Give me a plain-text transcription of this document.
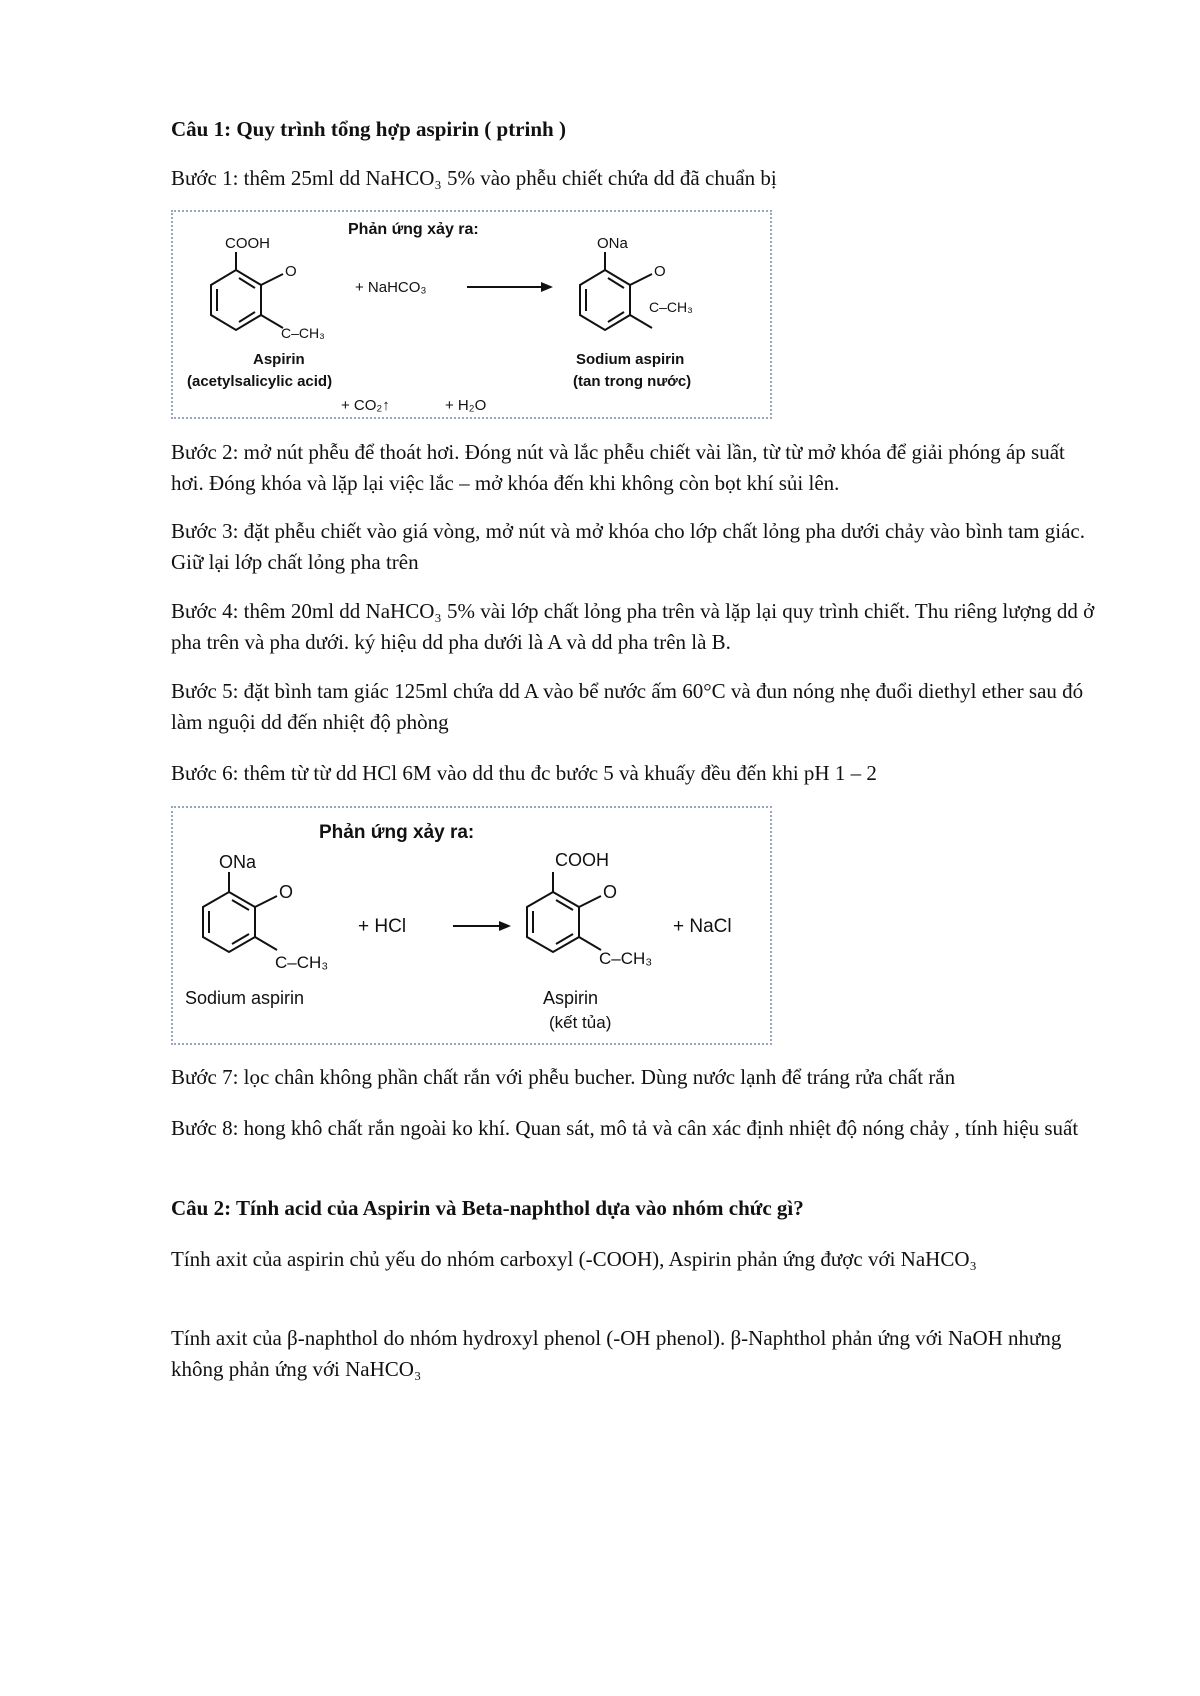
Câu 1: Quy trình tổng hợp aspirin ( ptrinh )

Bước 1: thêm 25ml dd NaHCO₃ 5% vào phễu chiết chứa dd đã chuẩn bị

Phản ứng xảy ra:
COOH
O
C–CH₃
+ NaHCO₃
ONa
O
C–CH₃
Aspirin
(acetylsalicylic acid)
Sodium aspirin
(tan trong nước)
+ CO₂↑	+ H₂O

Bước 2: mở nút phễu để thoát hơi. Đóng nút và lắc phễu chiết vài lần, từ từ mở khóa để giải phóng áp suất hơi. Đóng khóa và lặp lại việc lắc – mở khóa đến khi không còn bọt khí sủi lên.

Bước 3: đặt phễu chiết vào giá vòng, mở nút và mở khóa cho lớp chất lỏng pha dưới chảy vào bình tam giác. Giữ lại lớp chất lỏng pha trên

Bước 4: thêm 20ml dd NaHCO₃ 5% vài lớp chất lỏng pha trên và lặp lại quy trình chiết. Thu riêng lượng dd ở pha trên và pha dưới. ký hiệu dd pha dưới là A và dd pha trên là B.

Bước 5: đặt bình tam giác 125ml chứa dd A vào bể nước ấm 60°C và đun nóng nhẹ đuổi diethyl ether sau đó làm nguội dd đến nhiệt độ phòng

Bước 6: thêm từ từ dd HCl 6M vào dd thu đc bước 5 và khuấy đều đến khi pH 1 – 2

Phản ứng xảy ra:
ONa
O
C–CH₃
+ HCl
COOH
O
C–CH₃
+ NaCl
Sodium aspirin	Aspirin
(kết tủa)

Bước 7: lọc chân không phần chất rắn với phễu bucher. Dùng nước lạnh để tráng rửa chất rắn

Bước 8: hong khô chất rắn ngoài ko khí. Quan sát, mô tả và cân xác định nhiệt độ nóng chảy , tính hiệu suất

Câu 2: Tính acid của Aspirin và Beta-naphthol dựa vào nhóm chức gì?

Tính axit của aspirin chủ yếu do nhóm carboxyl (-COOH), Aspirin phản ứng được với NaHCO₃

Tính axit của β-naphthol do nhóm hydroxyl phenol (-OH phenol). β-Naphthol phản ứng với NaOH nhưng không phản ứng với NaHCO₃
